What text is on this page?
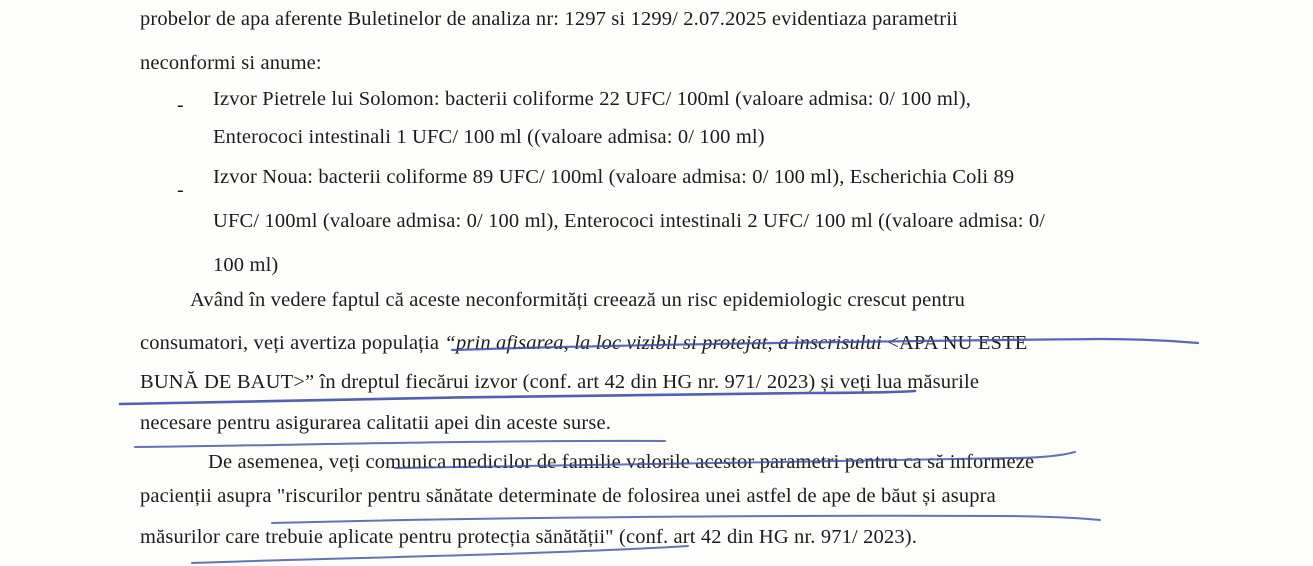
probelor de apa aferente Buletinelor de analiza nr: 1297 si 1299/ 2.07.2025 evidentiaza parametrii
neconformi si anume:
- Izvor Pietrele lui Solomon: bacterii coliforme 22 UFC/ 100ml (valoare admisa: 0/ 100 ml),
Enterococi intestinali 1 UFC/ 100 ml ((valoare admisa: 0/ 100 ml)
-
Izvor Noua: bacterii coliforme 89 UFC/ 100ml (valoare admisa: 0/ 100 ml), Escherichia Coli 89
UFC/ 100ml (valoare admisa: 0/ 100 ml), Enterococi intestinali 2 UFC/ 100 ml ((valoare admisa: 0/
100 ml)
Având în vedere faptul că aceste neconformități creează un risc epidemiologic crescut pentru
consumatori, veți avertiza populația “prin afisarea, la loc vizibil si protejat, a inscrisului <APA NU ESTE
BUNĂ DE BAUT>” în dreptul fiecărui izvor (conf. art 42 din HG nr. 971/ 2023) și veți lua măsurile
necesare pentru asigurarea calitatii apei din aceste surse.
De asemenea, veți comunica medicilor de familie valorile acestor parametri pentru ca să informeze
pacienții asupra "riscurilor pentru sănătate determinate de folosirea unei astfel de ape de băut și asupra
măsurilor care trebuie aplicate pentru protecția sănătății" (conf. art 42 din HG nr. 971/ 2023).
